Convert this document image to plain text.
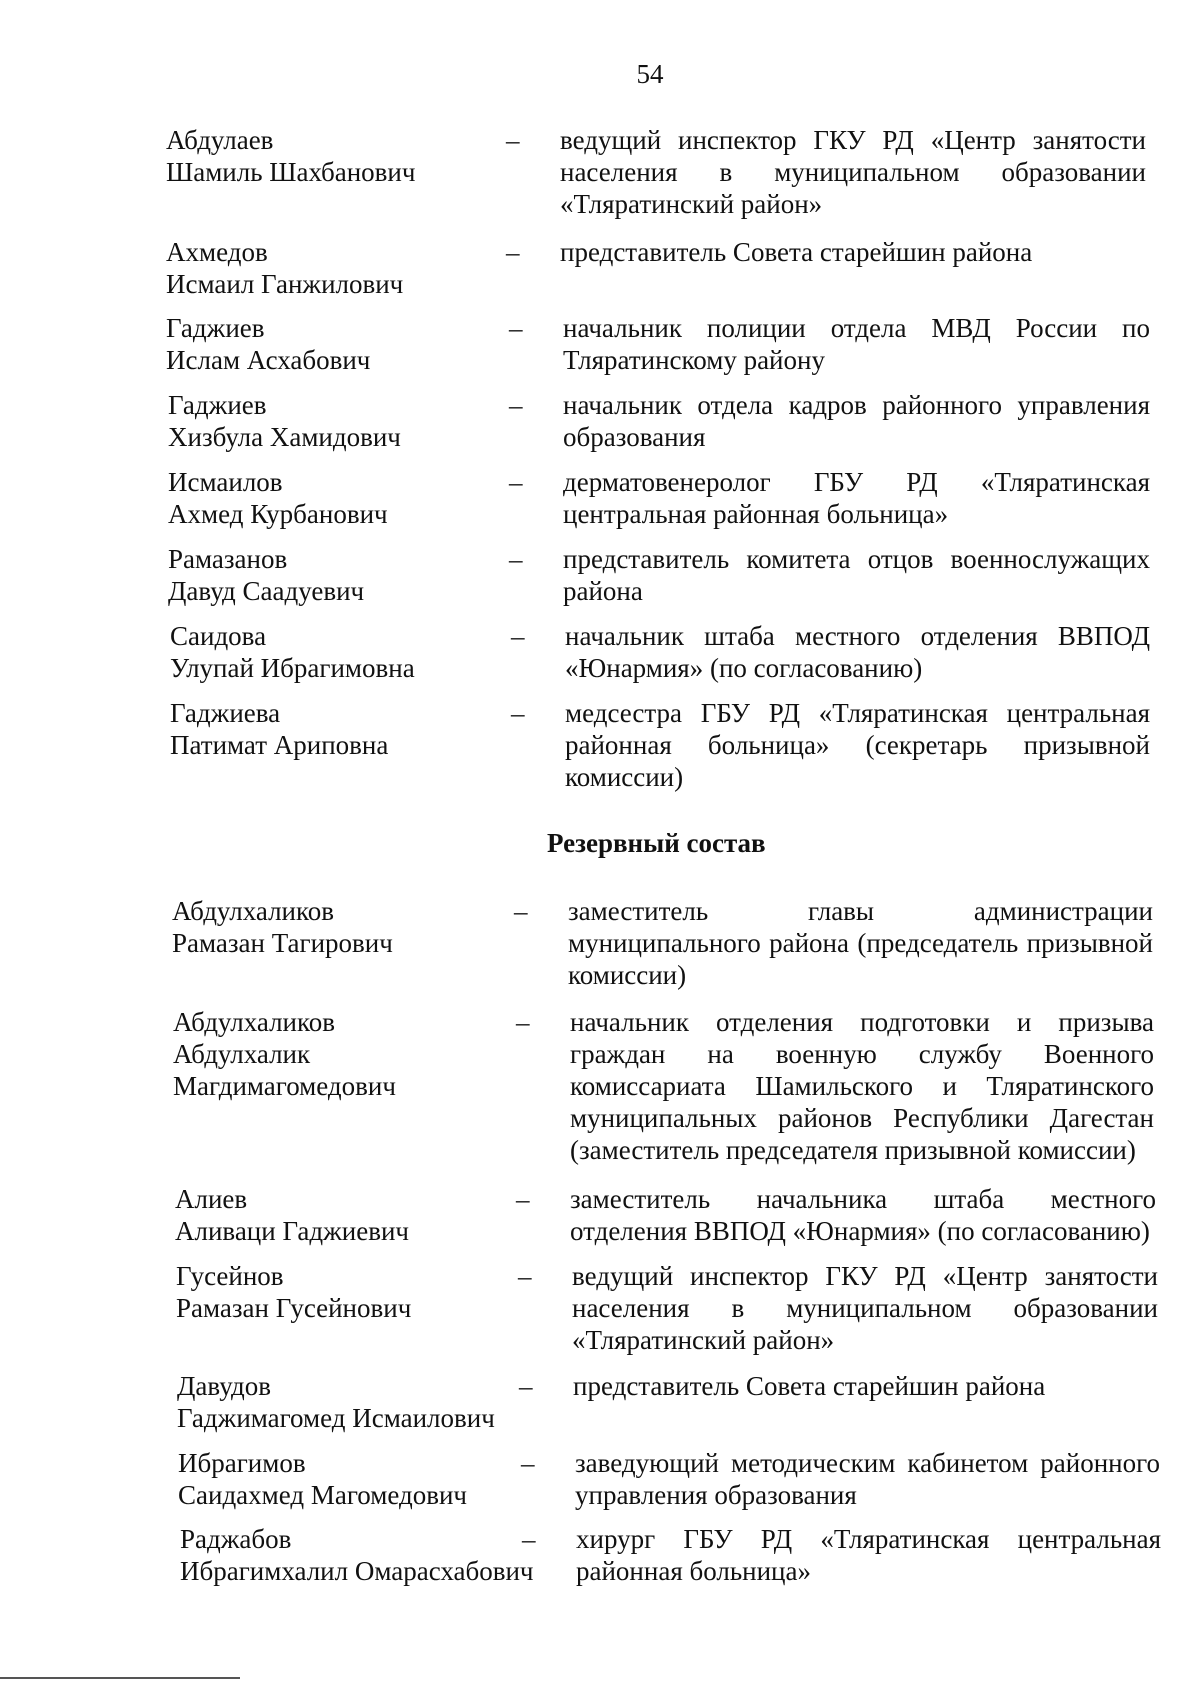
54
Абдулаев
Шамиль Шахбанович
– ведущий инспектор ГКУ РД «Центр занятости населения в муниципальном образовании «Тляратинский район»
Ахмедов
Исмаил Ганжилович
– представитель Совета старейшин района
Гаджиев
Ислам Асхабович
– начальник полиции отдела МВД России по Тляратинскому району
Гаджиев
Хизбула Хамидович
– начальник отдела кадров районного управления образования
Исмаилов
Ахмед Курбанович
– дерматовенеролог ГБУ РД «Тляратинская центральная районная больница»
Рамазанов
Давуд Саадуевич
– представитель комитета отцов военнослужащих района
Саидова
Улупай Ибрагимовна
– начальник штаба местного отделения ВВПОД «Юнармия» (по согласованию)
Гаджиева
Патимат Ариповна
– медсестра ГБУ РД «Тляратинская центральная районная больница» (секретарь призывной комиссии)
Резервный состав
Абдулхаликов
Рамазан Тагирович
– заместитель главы администрации муниципального района (председатель призывной комиссии)
Абдулхаликов
Абдулхалик
Магдимагомедович
– начальник отделения подготовки и призыва граждан на военную службу Военного комиссариата Шамильского и Тляратинского муниципальных районов Республики Дагестан (заместитель председателя призывной комиссии)
Алиев
Аливаци Гаджиевич
– заместитель начальника штаба местного отделения ВВПОД «Юнармия» (по согласованию)
Гусейнов
Рамазан Гусейнович
– ведущий инспектор ГКУ РД «Центр занятости населения в муниципальном образовании «Тляратинский район»
Давудов
Гаджимагомед Исмаилович
– представитель Совета старейшин района
Ибрагимов
Саидахмед Магомедович
– заведующий методическим кабинетом районного управления образования
Раджабов
Ибрагимхалил Омарасхабович
– хирург ГБУ РД «Тляратинская центральная районная больница»
